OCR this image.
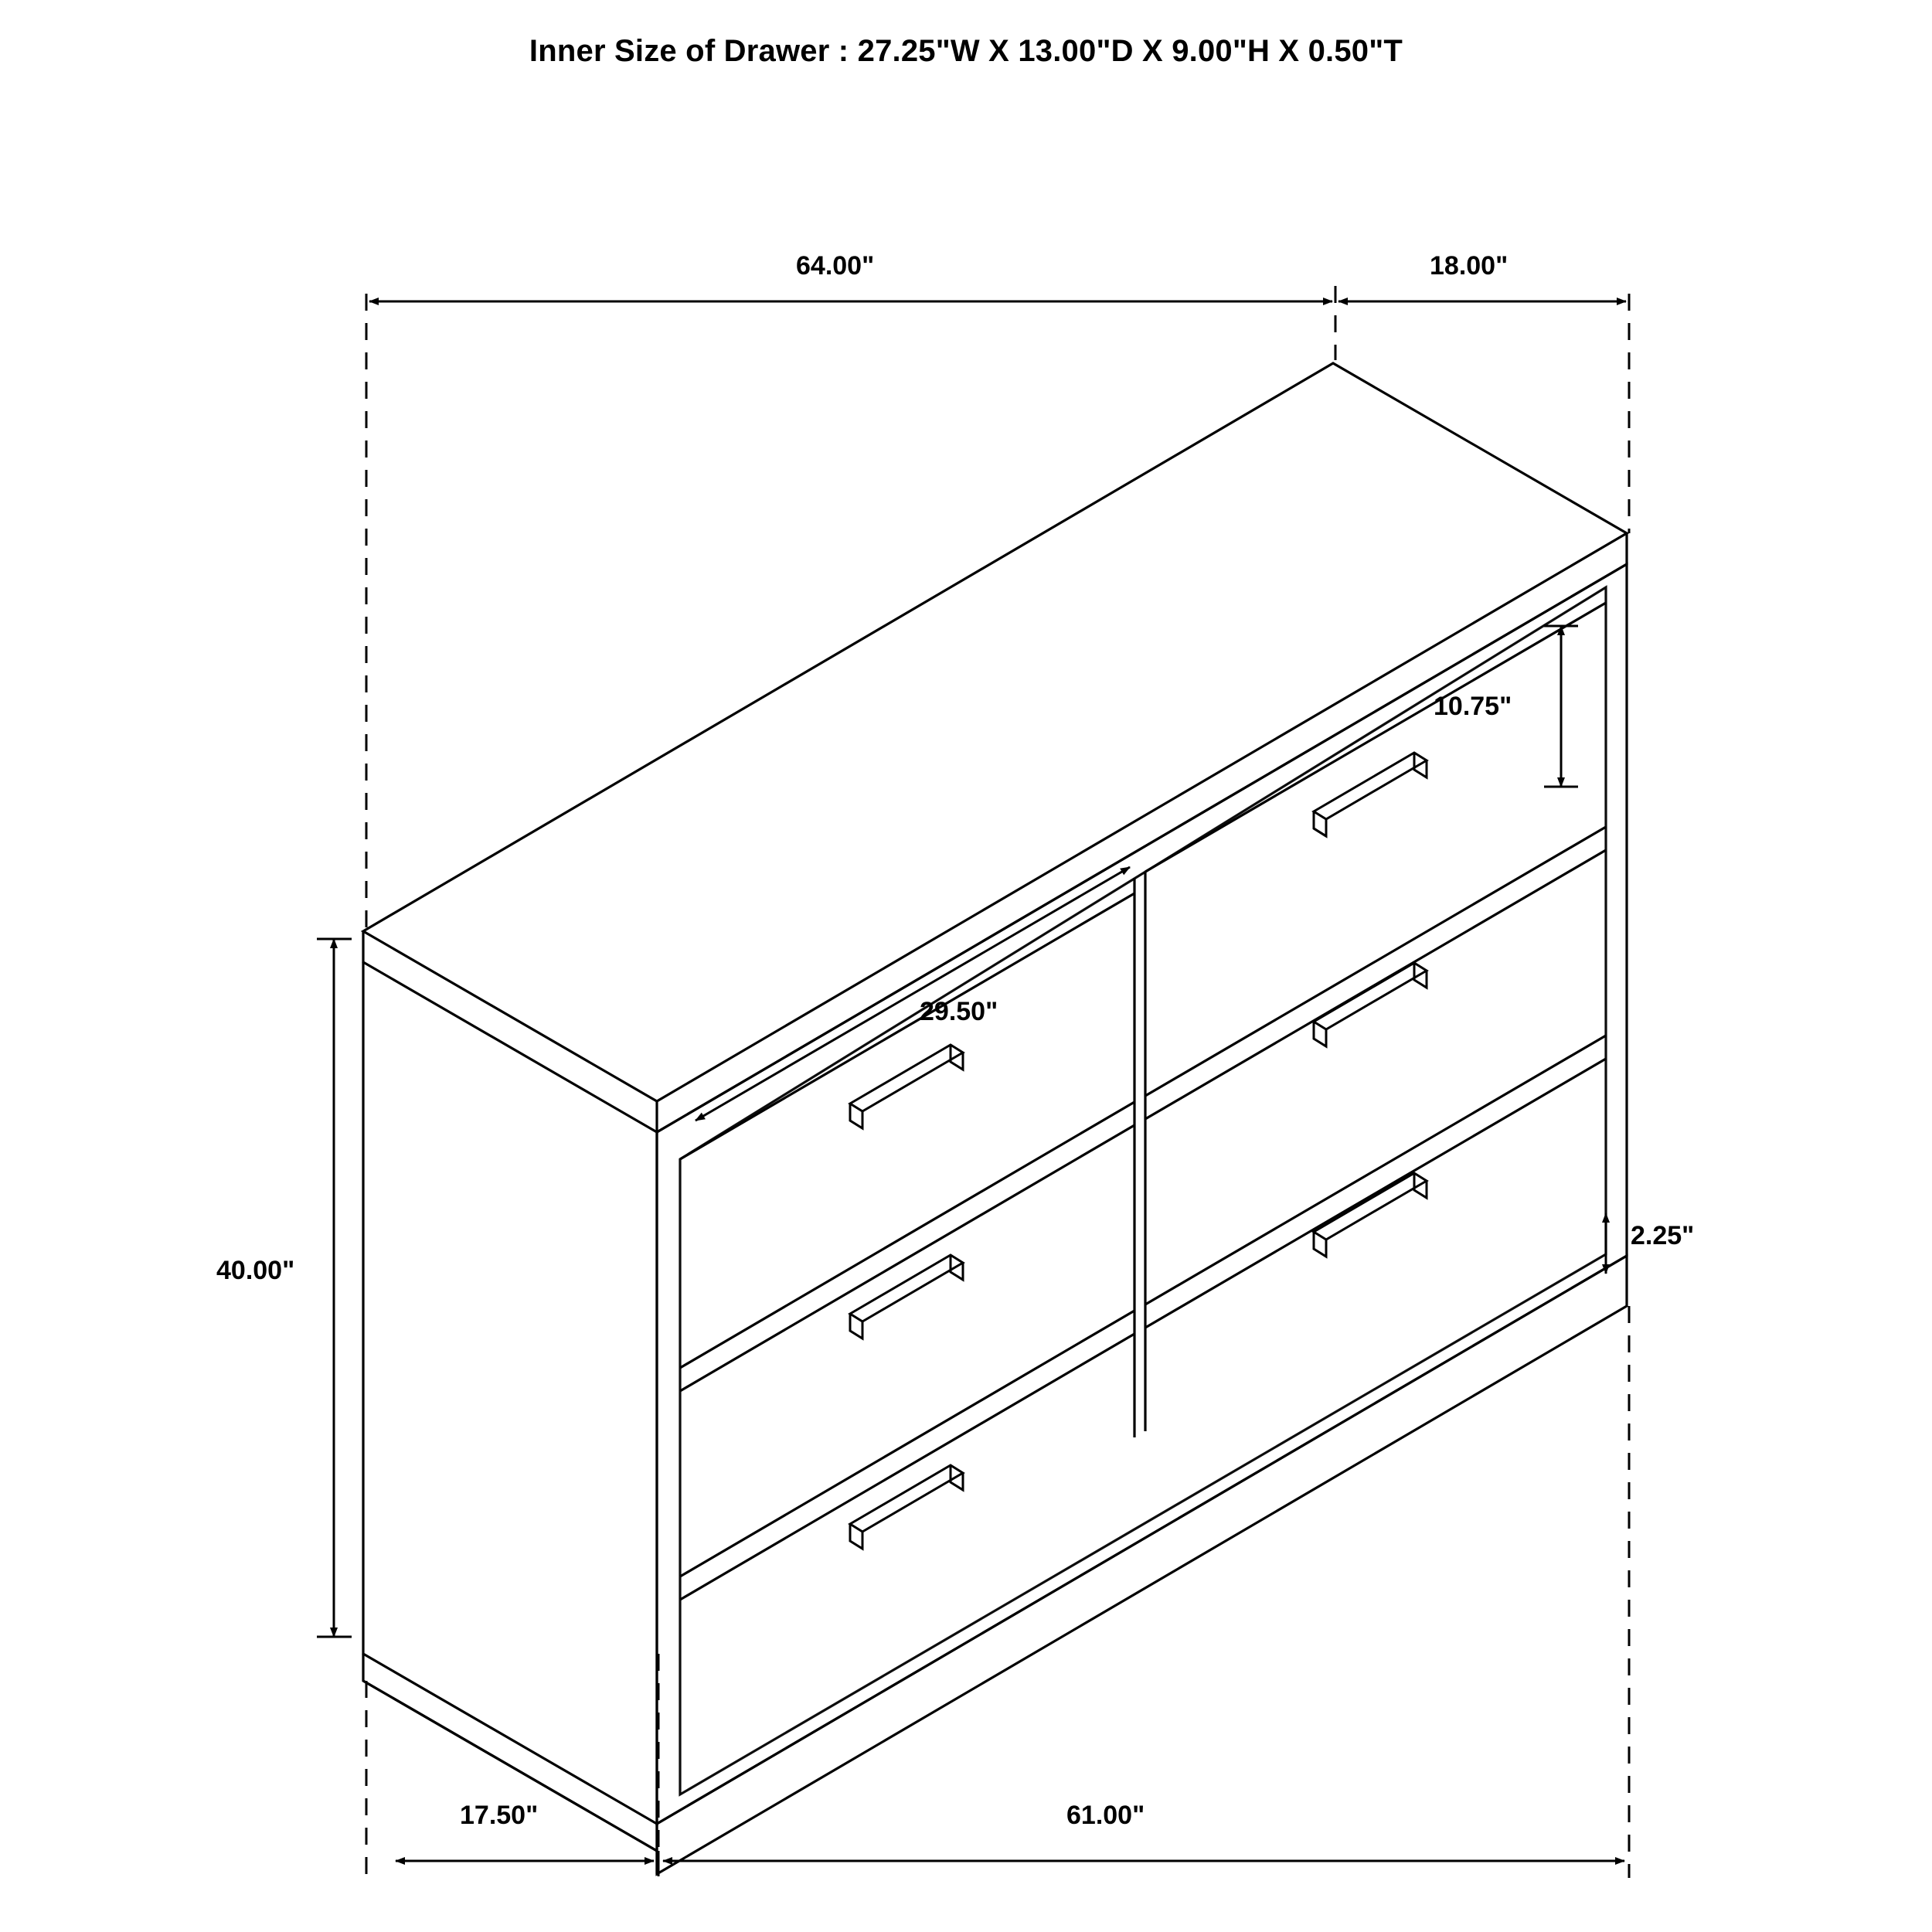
Inner Size of Drawer : 27.25"W X 13.00"D X 9.00"H X 0.50"T
64.00"	18.00"
10.75"
29.50"
2.25"
40.00"
17.50"	61.00"
